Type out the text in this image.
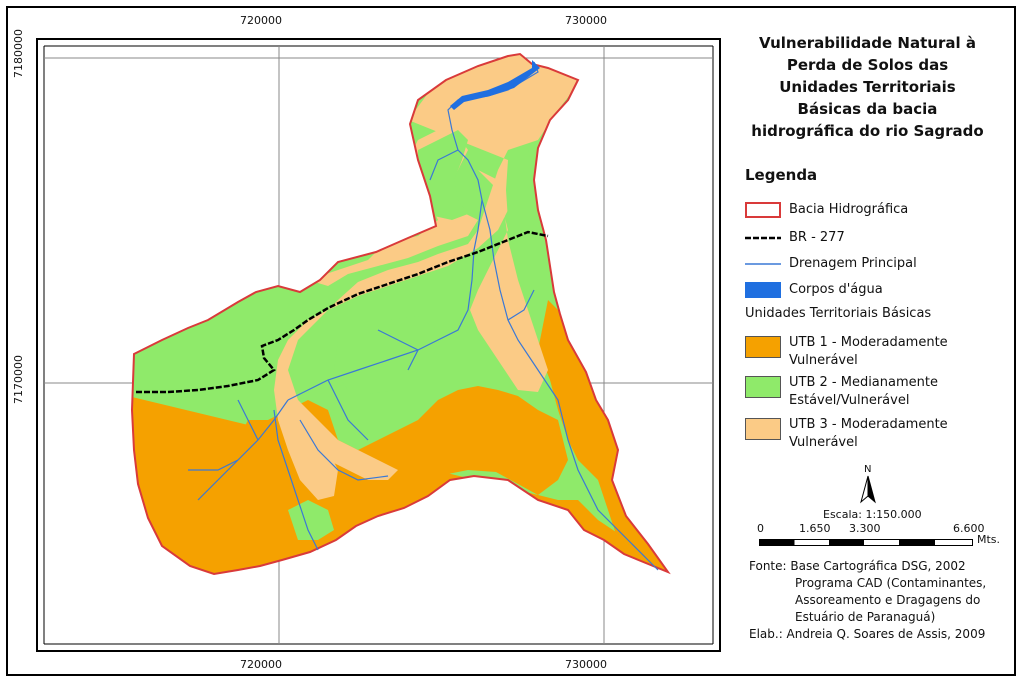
720000	730000
720000	730000
7180000
7170000
Vulnerabilidade Natural à
Perda de Solos das
Unidades Territoriais
Básicas da bacia
hidrográfica do rio Sagrado
Legenda
Bacia Hidrográfica
BR - 277
Drenagem Principal
Corpos d'água
Unidades Territoriais Básicas
UTB 1 - Moderadamente
Vulnerável
UTB 2 - Medianamente
Estável/Vulnerável
UTB 3 - Moderadamente
Vulnerável
N
Escala: 1:150.000
0	1.650 3.300	6.600
Mts.
Fonte: Base Cartográfica DSG, 2002
Programa CAD (Contaminantes,
Assoreamento e Dragagens do
Estuário de Paranaguá)
Elab.: Andreia Q. Soares de Assis, 2009
